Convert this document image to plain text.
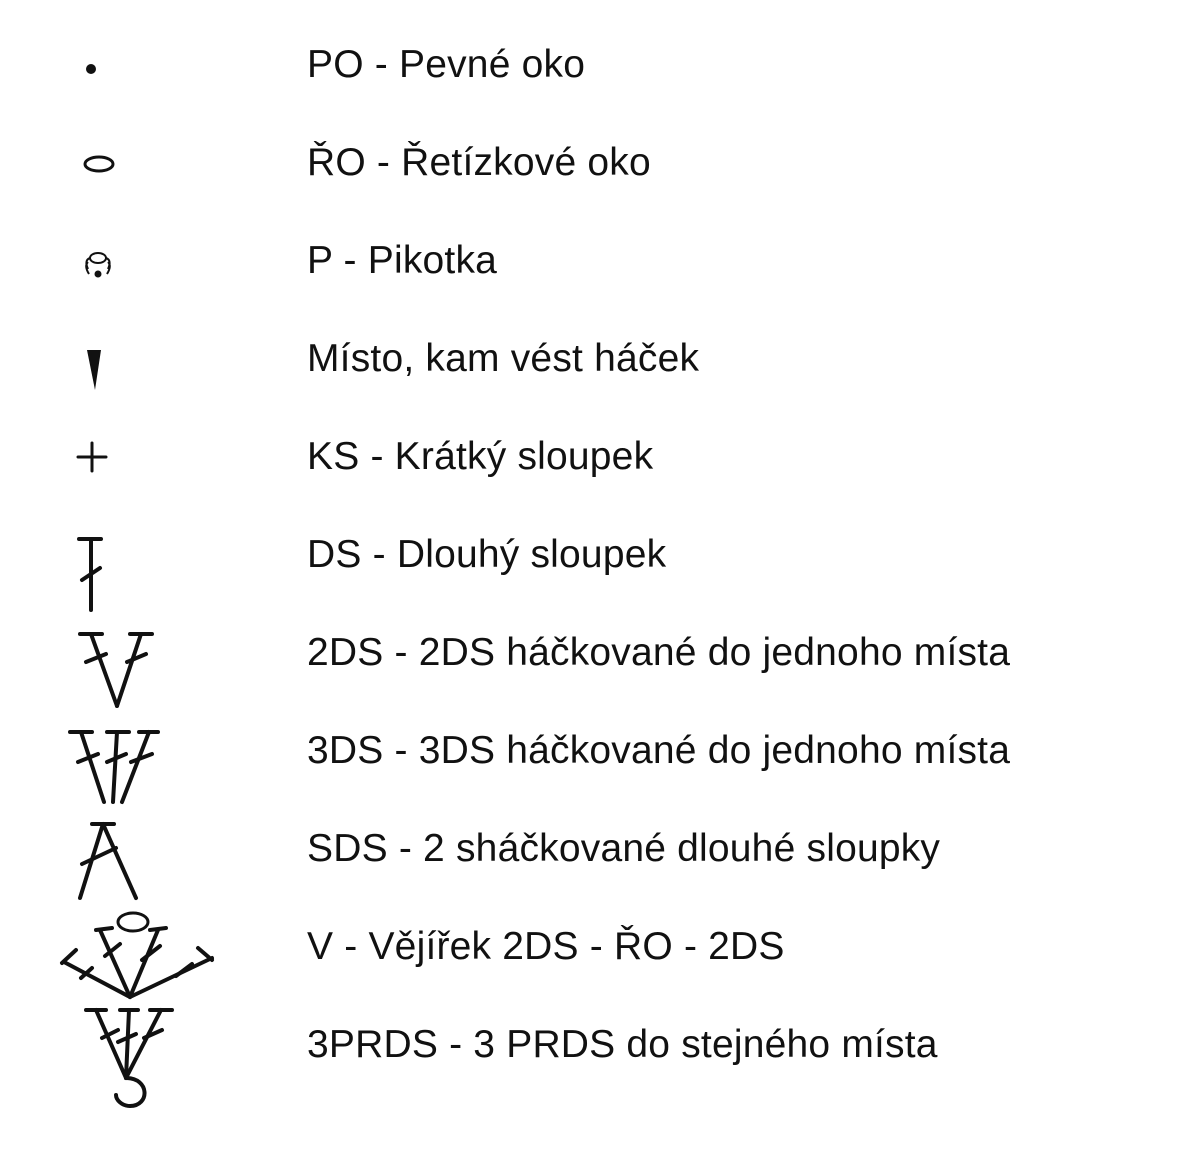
PO - Pevné oko
ŘO - Řetízkové oko
P - Pikotka
Místo, kam vést háček
KS - Krátký sloupek
DS - Dlouhý sloupek
2DS - 2DS háčkované do jednoho místa
3DS - 3DS háčkované do jednoho místa
SDS - 2 sháčkované dlouhé sloupky
V - Vějířek 2DS - ŘO - 2DS
3PRDS - 3 PRDS do stejného místa
